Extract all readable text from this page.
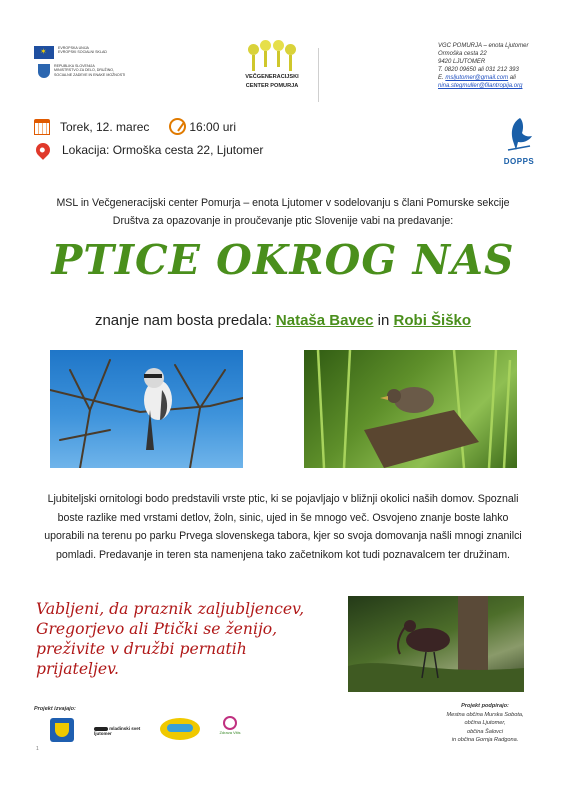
✶
EVROPSKA UNIJA
EVROPSKI SOCIALNI SKLAD
REPUBLIKA SLOVENIJA
MINISTRSTVO ZA DELO, DRUŽINO,
SOCIALNE ZADEVE IN ENAKE MOŽNOSTI	VEČGENERACIJSKI
CENTER POMURJA
VGC POMURJA – enota Ljutomer
Ormoška cesta 22
9420 LJUTOMER
T. 0820 09650 ali 031 212 393
E. msljutomer@gmail.com ali
nina.stegmuller@filantropija.org
Torek, 12. marec	16:00 uri
Lokacija: Ormoška cesta 22, Ljutomer
DOPPS
MSL in Večgeneracijski center Pomurja – enota Ljutomer v sodelovanju s člani Pomurske sekcije Društva za opazovanje in proučevanje ptic Slovenije vabi na predavanje:
PTICE OKROG NAS
znanje nam bosta predala: Nataša Bavec in Robi Šiško
Ljubiteljski ornitologi bodo predstavili vrste ptic, ki se pojavljajo v bližnji okolici naših domov. Spoznali boste razlike med vrstami detlov, žoln, sinic, ujed in še mnogo več. Osvojeno znanje boste lahko uporabili na terenu po parku Prvega slovenskega tabora, kjer so svoja domovanja našli mnogi znanilci pomladi. Predavanje in teren sta namenjena tako začetnikom kot tudi poznavalcem ter družinam.
Vabljeni, da praznik zaljubljencev,
Gregorjevo ali Ptički se ženijo,
preživite v družbi pernatih
prijateljev.
Projekt izvajajo:
mladinski svet ljutomer	Zdrava Vitis
Projekt podpirajo:
Mestna občina Murska Sobota,
občina Ljutomer,
občina Šalovci
in občina Gornja Radgona.
1
